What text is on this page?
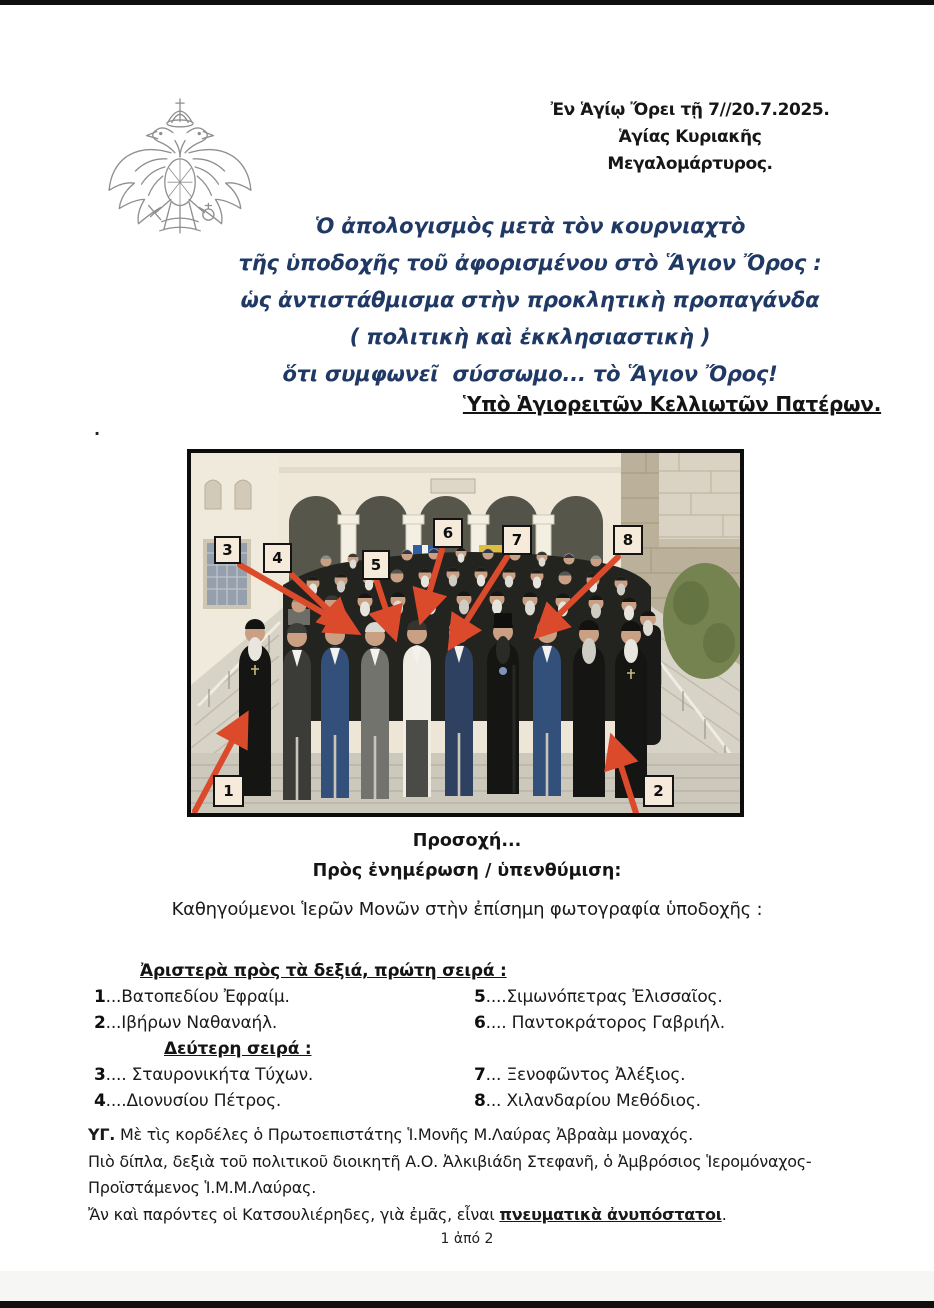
Ἐν Ἁγίῳ Ὄρει τῇ 7//20.7.2025.
Ἁγίας Κυριακῆς Μεγαλομάρτυρος.
Ὁ ἀπολογισμὸς μετὰ τὸν κουρνιαχτὸ
τῆς ὑποδοχῆς τοῦ ἀφορισμένου στὸ Ἅγιον Ὄρος :
ὡς ἀντιστάθμισμα στὴν προκλητικὴ προπαγάνδα
( πολιτικὴ καὶ ἐκκλησιαστικὴ )
ὅτι συμφωνεῖ  σύσσωμο... τὸ Ἅγιον Ὄρος!
Ὑπὸ Ἁγιορειτῶν Κελλιωτῶν Πατέρων.
.
1	2
3	4	5
6	7	8
Προσοχή...
Πρὸς ἐνημέρωση / ὑπενθύμιση:
Καθηγούμενοι Ἱερῶν Μονῶν στὴν ἐπίσημη φωτογραφία ὑποδοχῆς :
Ἀριστερὰ πρὸς τὰ δεξιά, πρώτη σειρά :
1...Βατοπεδίου Ἐφραίμ.
2...Ιβήρων Ναθαναήλ.
Δεύτερη σειρά :
3.... Σταυρονικήτα Τύχων.
4....Διονυσίου Πέτρος.
5....Σιμωνόπετρας Ἐλισσαῖος.
6.... Παντοκράτορος Γαβριήλ.
7... Ξενοφῶντος Ἀλέξιος.
8... Χιλανδαρίου Μεθόδιος.
ΥΓ. Μὲ τὶς κορδέλες ὁ Πρωτοεπιστάτης Ἱ.Μονῆς Μ.Λαύρας Ἀβραὰμ μοναχός.
Πιὸ δίπλα, δεξιὰ τοῦ πολιτικοῦ διοικητῆ Α.Ο. Ἀλκιβιάδη Στεφανῆ, ὁ Ἀμβρόσιος Ἱερομόναχος-
Προϊστάμενος Ἱ.Μ.Μ.Λαύρας.
Ἄν καὶ παρόντες οἱ Κατσουλιέρηδες, γιὰ ἐμᾶς, εἶναι πνευματικὰ ἀνυπόστατοι.
1 ἀπό 2
